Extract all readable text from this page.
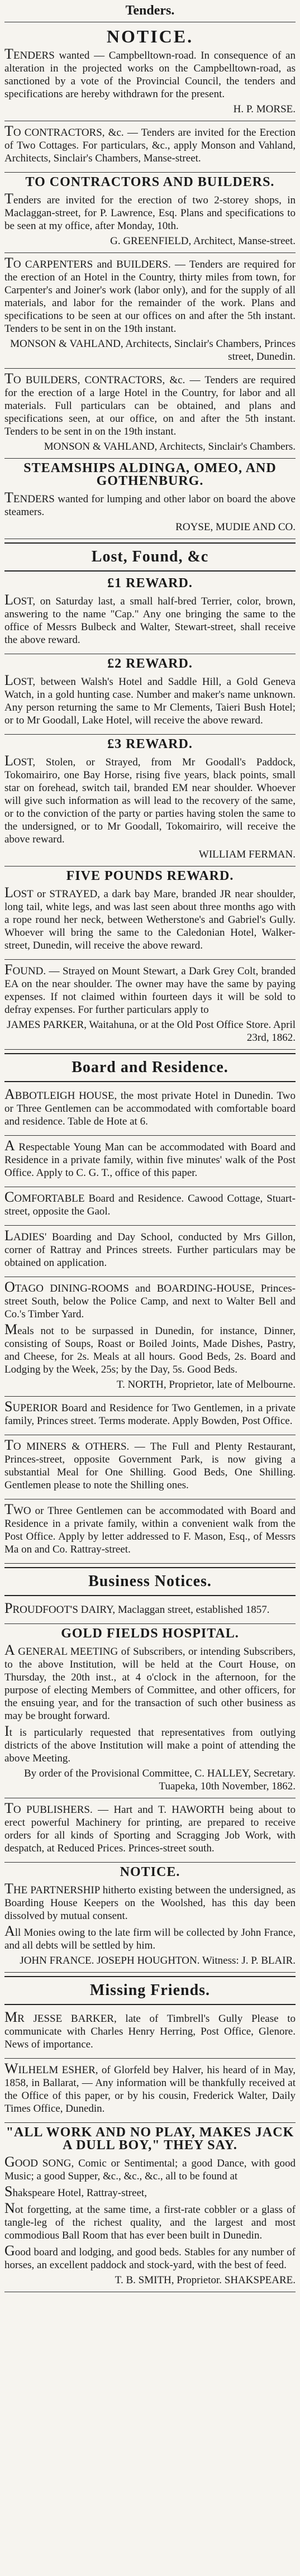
Tenders.

NOTICE.

TENDERS wanted — Campbelltown-road. In consequence of an alteration in the projected works on the Campbelltown-road, as sanctioned by a vote of the Provincial Council, the tenders and specifications are hereby withdrawn for the present.

H. P. MORSE.

TO CONTRACTORS, &c. — Tenders are invited for the Erection of Two Cottages. For particulars, &c., apply Monson and Vahland, Architects, Sinclair's Chambers, Manse-street.

TO CONTRACTORS AND BUILDERS.

Tenders are invited for the erection of two 2-storey shops, in Maclaggan-street, for P. Lawrence, Esq. Plans and specifications to be seen at my office, after Monday, 10th.

G. GREENFIELD, Architect, Manse-street.

TO CARPENTERS and BUILDERS. — Tenders are required for the erection of an Hotel in the Country, thirty miles from town, for Carpenter's and Joiner's work (labor only), and for the supply of all materials, and labor for the remainder of the work. Plans and specifications to be seen at our offices on and after the 5th instant. Tenders to be sent in on the 19th instant.

MONSON & VAHLAND, Architects, Sinclair's Chambers, Princes street, Dunedin.

TO BUILDERS, CONTRACTORS, &c. — Tenders are required for the erection of a large Hotel in the Country, for labor and all materials. Full particulars can be obtained, and plans and specifications seen, at our office, on and after the 5th instant. Tenders to be sent in on the 19th instant.

MONSON & VAHLAND, Architects, Sinclair's Chambers.

STEAMSHIPS ALDINGA, OMEO, AND GOTHENBURG.

TENDERS wanted for lumping and other labor on board the above steamers.

ROYSE, MUDIE AND CO.

Lost, Found, &c

£1 REWARD.

LOST, on Saturday last, a small half-bred Terrier, color, brown, answering to the name "Cap." Any one bringing the same to the office of Messrs Bulbeck and Walter, Stewart-street, shall receive the above reward.

£2 REWARD.

LOST, between Walsh's Hotel and Saddle Hill, a Gold Geneva Watch, in a gold hunting case. Number and maker's name unknown. Any person returning the same to Mr Clements, Taieri Bush Hotel; or to Mr Goodall, Lake Hotel, will receive the above reward.

£3 REWARD.

LOST, Stolen, or Strayed, from Mr Goodall's Paddock, Tokomairiro, one Bay Horse, rising five years, black points, small star on forehead, switch tail, branded EM near shoulder. Whoever will give such information as will lead to the recovery of the same, or to the conviction of the party or parties having stolen the same to the undersigned, or to Mr Goodall, Tokomairiro, will receive the above reward.

WILLIAM FERMAN.

FIVE POUNDS REWARD.

LOST or STRAYED, a dark bay Mare, branded JR near shoulder, long tail, white legs, and was last seen about three months ago with a rope round her neck, between Wetherstone's and Gabriel's Gully. Whoever will bring the same to the Caledonian Hotel, Walker-street, Dunedin, will receive the above reward.

FOUND. — Strayed on Mount Stewart, a Dark Grey Colt, branded EA on the near shoulder. The owner may have the same by paying expenses. If not claimed within fourteen days it will be sold to defray expenses. For further particulars apply to

JAMES PARKER, Waitahuna, or at the Old Post Office Store. April 23rd, 1862.

Board and Residence.

ABBOTLEIGH HOUSE, the most private Hotel in Dunedin. Two or Three Gentlemen can be accommodated with comfortable board and residence. Table de Hote at 6.

A Respectable Young Man can be accommodated with Board and Residence in a private family, within five minutes' walk of the Post Office. Apply to C. G. T., office of this paper.

COMFORTABLE Board and Residence. Cawood Cottage, Stuart-street, opposite the Gaol.

LADIES' Boarding and Day School, conducted by Mrs Gillon, corner of Rattray and Princes streets. Further particulars may be obtained on application.

OTAGO DINING-ROOMS and BOARDING-HOUSE, Princes-street South, below the Police Camp, and next to Walter Bell and Co.'s Timber Yard.

Meals not to be surpassed in Dunedin, for instance, Dinner, consisting of Soups, Roast or Boiled Joints, Made Dishes, Pastry, and Cheese, for 2s. Meals at all hours. Good Beds, 2s. Board and Lodging by the Week, 25s; by the Day, 5s. Good Beds.

T. NORTH, Proprietor, late of Melbourne.

SUPERIOR Board and Residence for Two Gentlemen, in a private family, Princes street. Terms moderate. Apply Bowden, Post Office.

TO MINERS & OTHERS. — The Full and Plenty Restaurant, Princes-street, opposite Government Park, is now giving a substantial Meal for One Shilling. Good Beds, One Shilling. Gentlemen please to note the Shilling ones.

TWO or Three Gentlemen can be accommodated with Board and Residence in a private family, within a convenient walk from the Post Office. Apply by letter addressed to F. Mason, Esq., of Messrs Ma on and Co. Rattray-street.

Business Notices.

PROUDFOOT'S DAIRY, Maclaggan street, established 1857.

GOLD FIELDS HOSPITAL.

A GENERAL MEETING of Subscribers, or intending Subscribers, to the above Institution, will be held at the Court House, on Thursday, the 20th inst., at 4 o'clock in the afternoon, for the purpose of electing Members of Committee, and other officers, for the ensuing year, and for the transaction of such other business as may be brought forward.

It is particularly requested that representatives from outlying districts of the above Institution will make a point of attending the above Meeting.

By order of the Provisional Committee, C. HALLEY, Secretary. Tuapeka, 10th November, 1862.

TO PUBLISHERS. — Hart and T. HAWORTH being about to erect powerful Machinery for printing, are prepared to receive orders for all kinds of Sporting and Scragging Job Work, with despatch, at Reduced Prices. Princes-street south.

NOTICE.

THE PARTNERSHIP hitherto existing between the undersigned, as Boarding House Keepers on the Woolshed, has this day been dissolved by mutual consent.

All Monies owing to the late firm will be collected by John France, and all debts will be settled by him.

JOHN FRANCE. JOSEPH HOUGHTON. Witness: J. P. BLAIR.

Missing Friends.

MR JESSE BARKER, late of Timbrell's Gully Please to communicate with Charles Henry Herring, Post Office, Glenore. News of importance.

WILHELM ESHER, of Glorfeld bey Halver, his heard of in May, 1858, in Ballarat, — Any information will be thankfully received at the Office of this paper, or by his cousin, Frederick Walter, Daily Times Office, Dunedin.

"ALL WORK AND NO PLAY, MAKES JACK A DULL BOY," THEY SAY.

GOOD SONG, Comic or Sentimental; a good Dance, with good Music; a good Supper, &c., &c., &c., all to be found at

Shakspeare Hotel, Rattray-street,

Not forgetting, at the same time, a first-rate cobbler or a glass of tangle-leg of the richest quality, and the largest and most commodious Ball Room that has ever been built in Dunedin.

Good board and lodging, and good beds. Stables for any number of horses, an excellent paddock and stock-yard, with the best of feed.

T. B. SMITH, Proprietor. SHAKSPEARE.
